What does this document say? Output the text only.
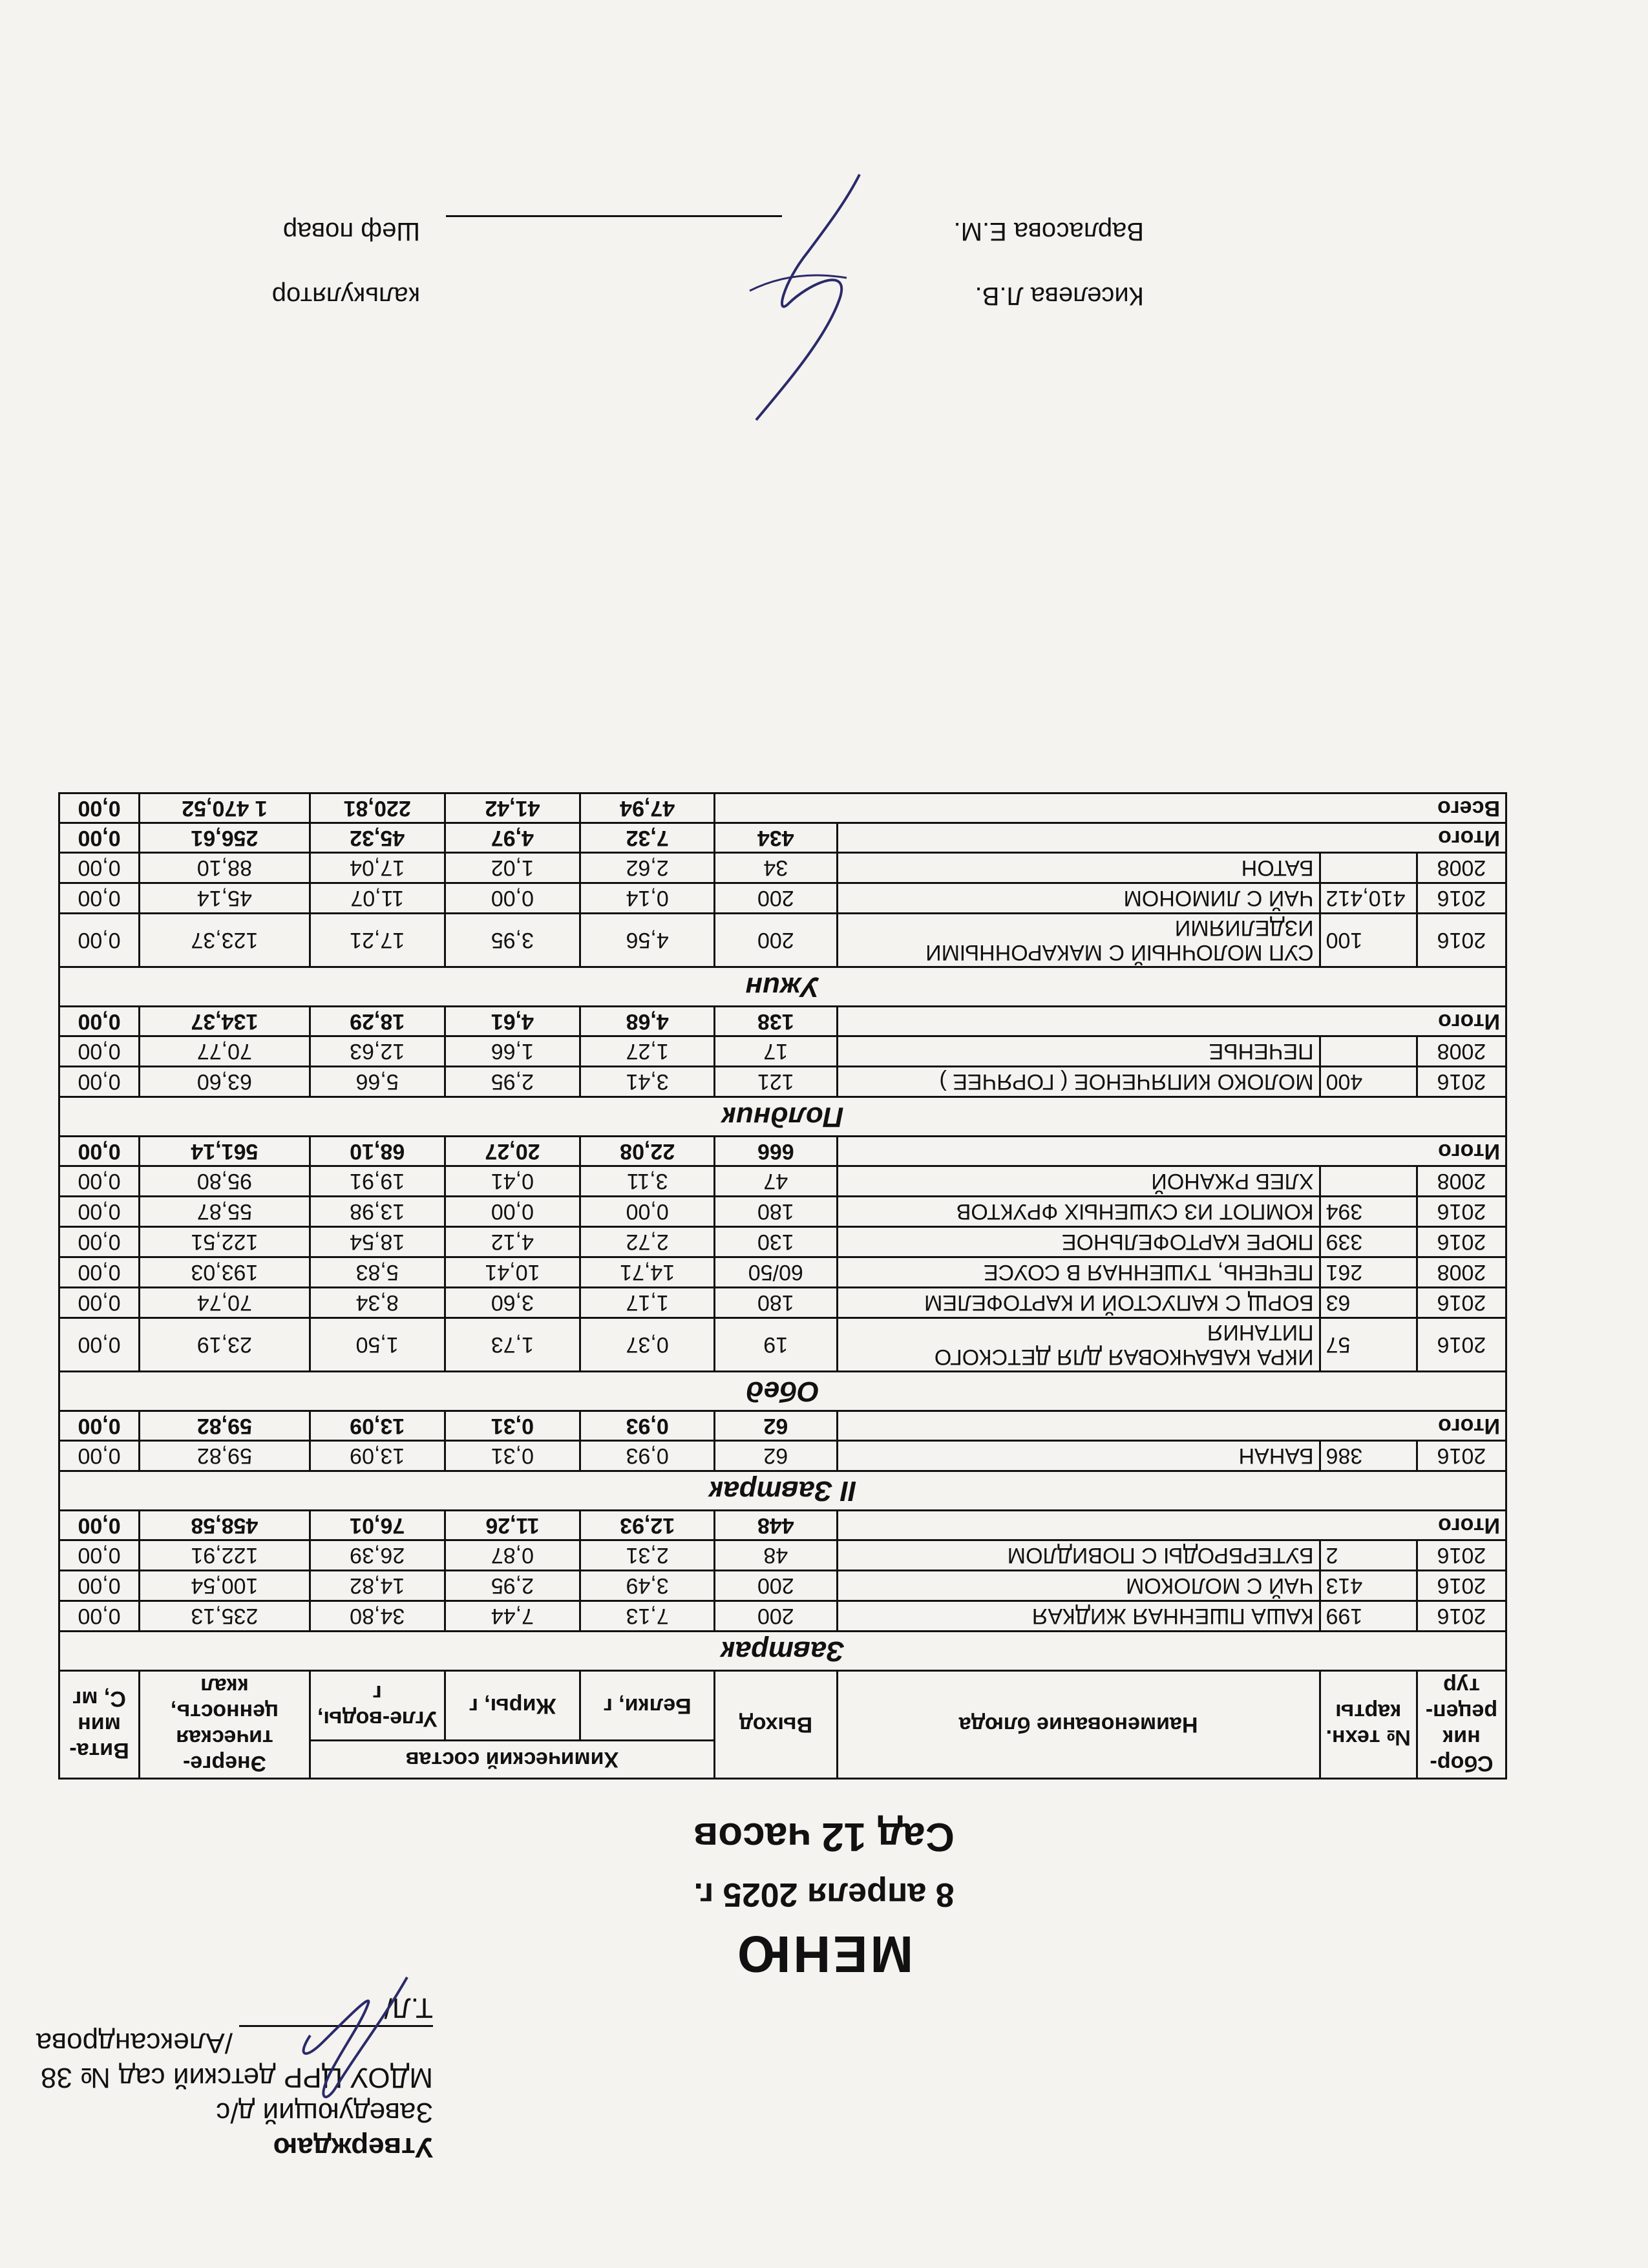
Утверждаю
Заведующий д/с
МДОУ ЦРР детский сад № 38
/Александрова Т.Л/
МЕНЮ
8 апреля 2025 г.
Сад 12 часов
Сбор-ник рецеп-тур	№ техн. карты	Наименование блюда	Выход	Химический состав			Энерге-тическая ценность, ккал	Вита-мин С, мг
				Белки, г	Жиры, г	Угле-воды, г		
Завтрак								
2016	199	КАША ПШЕННАЯ ЖИДКАЯ	200	7,13	7,44	34,80	235,13	0,00
2016	413	ЧАЙ С МОЛОКОМ	200	3,49	2,95	14,82	100,54	0,00
2016	2	БУТЕРБРОДЫ С ПОВИДЛОМ	48	2,31	0,87	26,39	122,91	0,00
Итого			448	12,93	11,26	76,01	458,58	0,00
II Завтрак								
2016	386	БАНАН	62	0,93	0,31	13,09	59,82	0,00
Итого			62	0,93	0,31	13,09	59,82	0,00
Обед								
2016	57	ИКРА КАБАЧКОВАЯ ДЛЯ ДЕТСКОГО ПИТАНИЯ	19	0,37	1,73	1,50	23,19	0,00
2016	63	БОРЩ С КАПУСТОЙ И КАРТОФЕЛЕМ	180	1,17	3,60	8,34	70,74	0,00
2008	261	ПЕЧЕНЬ, ТУШЕННАЯ В СОУСЕ	60/50	14,71	10,41	5,83	193,03	0,00
2016	339	ПЮРЕ КАРТОФЕЛЬНОЕ	130	2,72	4,12	18,54	122,51	0,00
2016	394	КОМПОТ ИЗ СУШЕНЫХ ФРУКТОВ	180	0,00	0,00	13,98	55,87	0,00
2008		ХЛЕБ РЖАНОЙ	47	3,11	0,41	19,91	95,80	0,00
Итого			666	22,08	20,27	68,10	561,14	0,00
Полдник								
2016	400	МОЛОКО КИПЯЧЕНОЕ ( ГОРЯЧЕЕ )	121	3,41	2,95	5,66	63,60	0,00
2008		ПЕЧЕНЬЕ	17	1,27	1,66	12,63	70,77	0,00
Итого			138	4,68	4,61	18,29	134,37	0,00
Ужин								
2016	100	СУП МОЛОЧНЫЙ С МАКАРОННЫМИ ИЗДЕЛИЯМИ	200	4,56	3,95	17,21	123,37	0,00
2016	410,412	ЧАЙ С ЛИМОНОМ	200	0,14	0,00	11,07	45,14	0,00
2008		БАТОН	34	2,62	1,02	17,04	88,10	0,00
Итого			434	7,32	4,97	45,32	256,61	0,00
Всего				47,94	41,42	220,81	1 470,52	0,00
Киселева Л.В.
калькулятор
Варласова Е.М.
Шеф повар
